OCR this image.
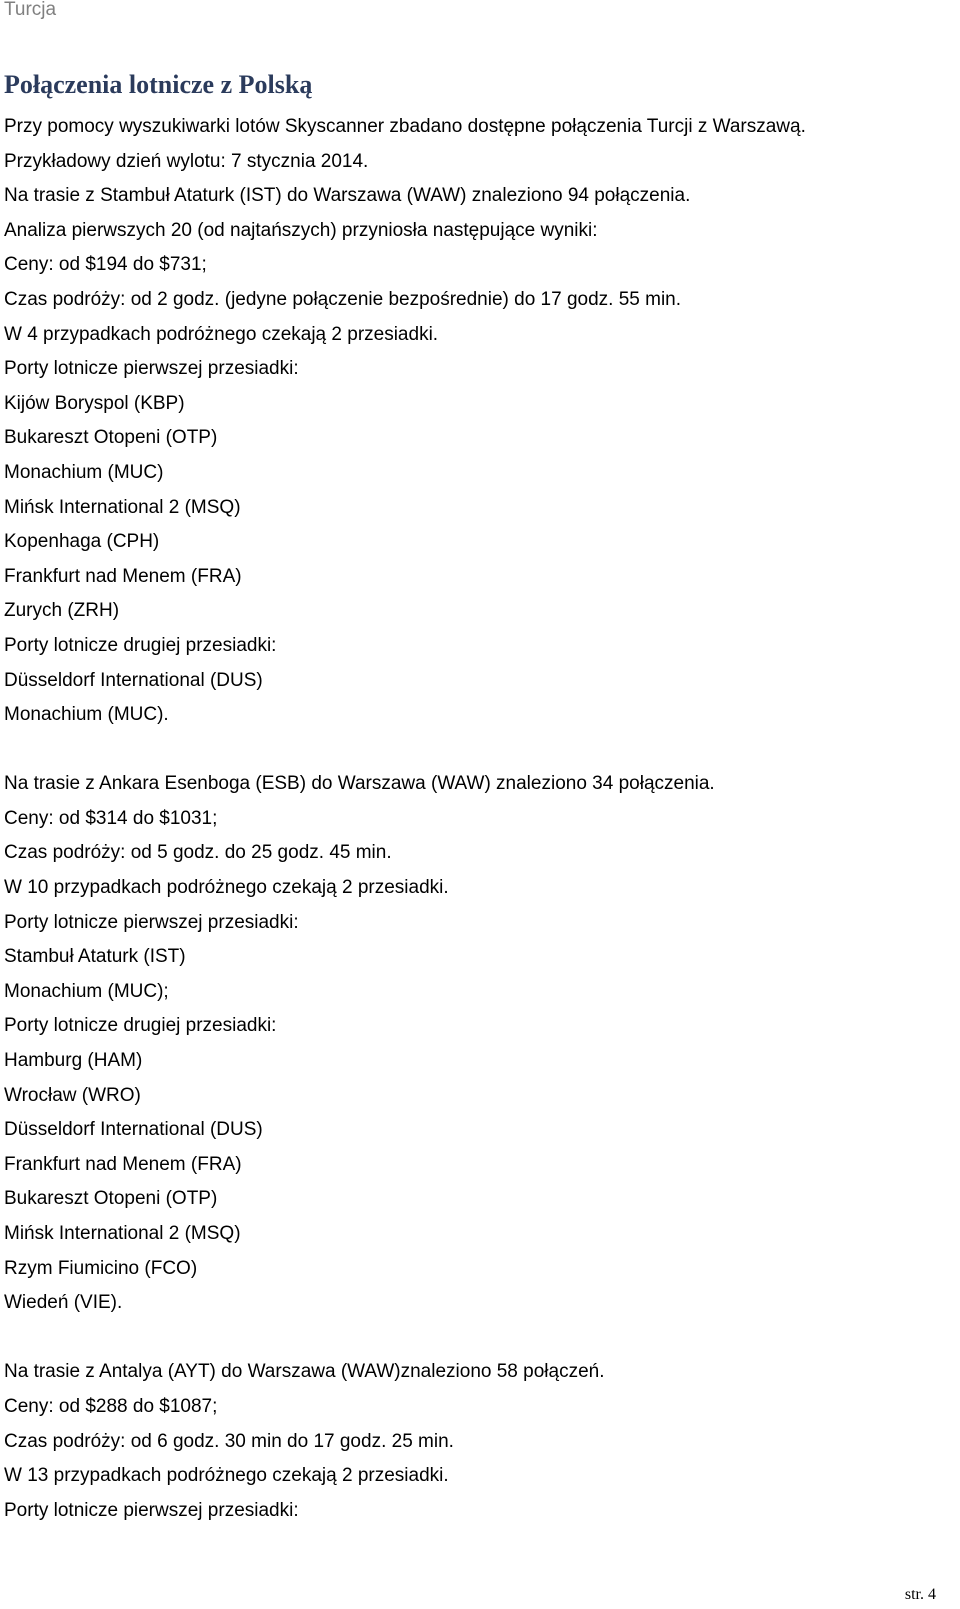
Turcja
Połączenia lotnicze z Polską
Przy pomocy wyszukiwarki lotów Skyscanner zbadano dostępne połączenia Turcji z Warszawą.
Przykładowy dzień wylotu: 7 stycznia 2014.
Na trasie z Stambuł Ataturk (IST) do Warszawa (WAW) znaleziono 94 połączenia.
Analiza pierwszych 20 (od najtańszych) przyniosła następujące wyniki:
Ceny: od $194 do $731;
Czas podróży: od 2 godz. (jedyne połączenie bezpośrednie) do 17 godz. 55 min.
W 4 przypadkach podróżnego czekają 2 przesiadki.
Porty lotnicze pierwszej przesiadki:
Kijów Boryspol (KBP)
Bukareszt Otopeni (OTP)
Monachium (MUC)
Mińsk International 2 (MSQ)
Kopenhaga (CPH)
Frankfurt nad Menem (FRA)
Zurych (ZRH)
Porty lotnicze drugiej przesiadki:
Düsseldorf International (DUS)
Monachium (MUC).
Na trasie z Ankara Esenboga (ESB) do Warszawa (WAW) znaleziono 34 połączenia.
Ceny: od $314 do $1031;
Czas podróży: od 5 godz. do 25 godz. 45 min.
W 10 przypadkach podróżnego czekają 2 przesiadki.
Porty lotnicze pierwszej przesiadki:
Stambuł Ataturk (IST)
Monachium (MUC);
Porty lotnicze drugiej przesiadki:
Hamburg (HAM)
Wrocław (WRO)
Düsseldorf International (DUS)
Frankfurt nad Menem (FRA)
Bukareszt Otopeni (OTP)
Mińsk International 2 (MSQ)
Rzym Fiumicino (FCO)
Wiedeń (VIE).
Na trasie z Antalya (AYT) do Warszawa (WAW)znaleziono 58 połączeń.
Ceny: od $288 do $1087;
Czas podróży: od 6 godz. 30 min do 17 godz. 25 min.
W 13 przypadkach podróżnego czekają 2 przesiadki.
Porty lotnicze pierwszej przesiadki:
str. 4
